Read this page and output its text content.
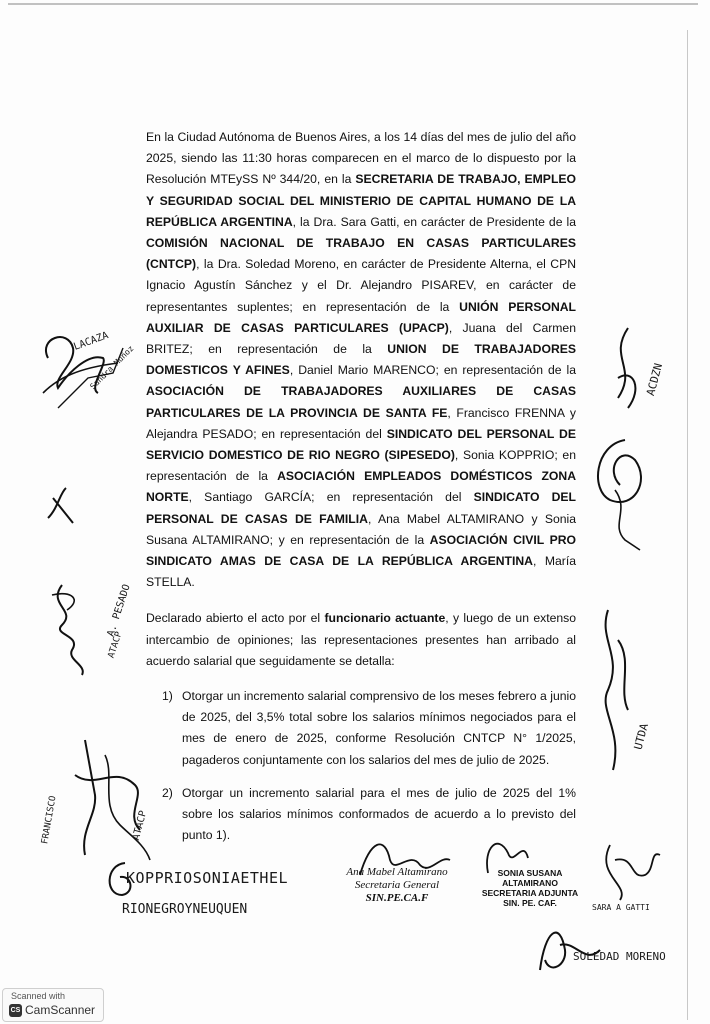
En la Ciudad Autónoma de Buenos Aires, a los 14 días del mes de julio del año 2025, siendo las 11:30 horas comparecen en el marco de lo dispuesto por la Resolución MTEySS Nº 344/20, en la SECRETARIA DE TRABAJO, EMPLEO Y SEGURIDAD SOCIAL DEL MINISTERIO DE CAPITAL HUMANO DE LA REPÚBLICA ARGENTINA, la Dra. Sara Gatti, en carácter de Presidente de la COMISIÓN NACIONAL DE TRABAJO EN CASAS PARTICULARES (CNTCP), la Dra. Soledad Moreno, en carácter de Presidente Alterna, el CPN Ignacio Agustín Sánchez y el Dr. Alejandro PISAREV, en carácter de representantes suplentes; en representación de la UNIÓN PERSONAL AUXILIAR DE CASAS PARTICULARES (UPACP), Juana del Carmen BRITEZ; en representación de la UNION DE TRABAJADORES DOMESTICOS Y AFINES, Daniel Mario MARENCO; en representación de la ASOCIACIÓN DE TRABAJADORES AUXILIARES DE CASAS PARTICULARES DE LA PROVINCIA DE SANTA FE, Francisco FRENNA y Alejandra PESADO; en representación del SINDICATO DEL PERSONAL DE SERVICIO DOMESTICO DE RIO NEGRO (SIPESEDO), Sonia KOPPRIO; en representación de la ASOCIACIÓN EMPLEADOS DOMÉSTICOS ZONA NORTE, Santiago GARCÍA; en representación del SINDICATO DEL PERSONAL DE CASAS DE FAMILIA, Ana Mabel ALTAMIRANO y Sonia Susana ALTAMIRANO; y en representación de la ASOCIACIÓN CIVIL PRO SINDICATO AMAS DE CASA DE LA REPÚBLICA ARGENTINA, María STELLA.

Declarado abierto el acto por el funcionario actuante, y luego de un extenso intercambio de opiniones; las representaciones presentes han arribado al acuerdo salarial que seguidamente se detalla:

1) Otorgar un incremento salarial comprensivo de los meses febrero a junio de 2025, del 3,5% total sobre los salarios mínimos negociados para el mes de enero de 2025, conforme Resolución CNTCP N° 1/2025, pagaderos conjuntamente con los salarios del mes de julio de 2025.
2) Otorgar un incremento salarial para el mes de julio de 2025 del 1% sobre los salarios mínimos conformados de acuerdo a lo previsto del punto 1).
LACAZA
Sandra Muñoz
A. PESADO
ATACP
FRANCISCO	ATACP
ACDZN
UTDA
KOPPRIOSONIAETHEL
RIONEGROYNEUQUEN
Ana Mabel Altamirano
Secretaria General
SIN.PE.CA.F
SONIA SUSANA ALTAMIRANO
SECRETARIA ADJUNTA
SIN. PE. CAF.	SARA A GATTI
SOLEDAD MORENO
Scanned with
CS CamScanner
